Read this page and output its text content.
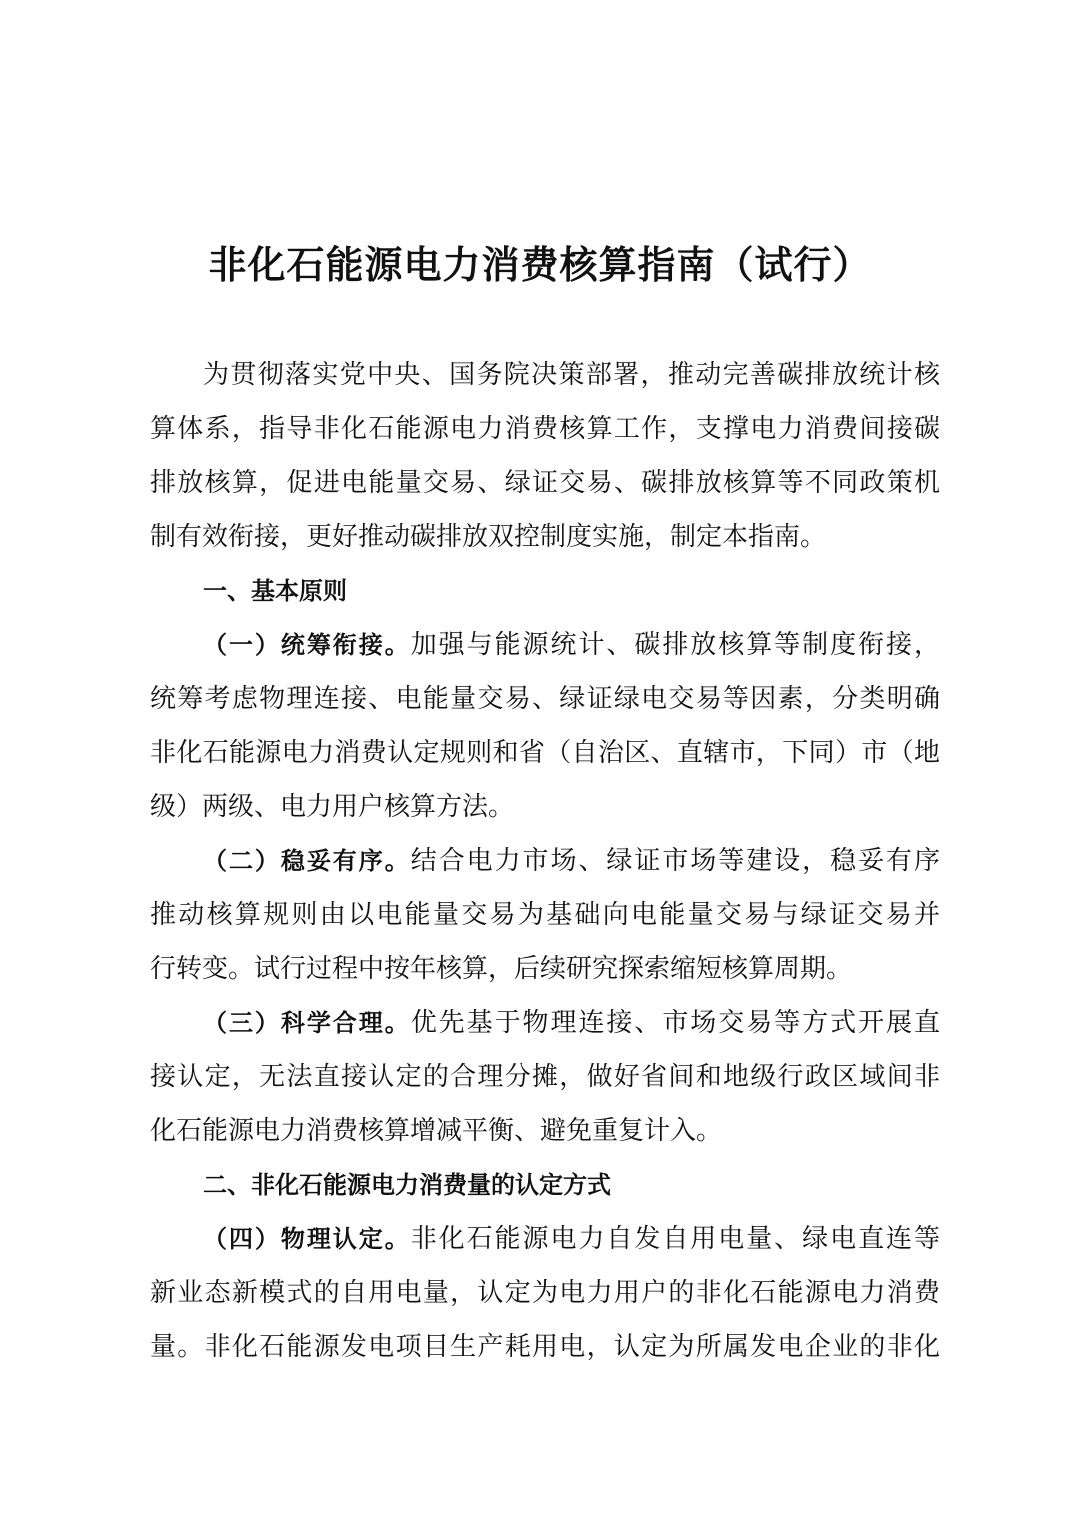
非化石能源电力消费核算指南（试行）
为贯彻落实党中央、国务院决策部署，推动完善碳排放统计核
算体系，指导非化石能源电力消费核算工作，支撑电力消费间接碳
排放核算，促进电能量交易、绿证交易、碳排放核算等不同政策机
制有效衔接，更好推动碳排放双控制度实施，制定本指南。
一、基本原则
（一）统筹衔接。加强与能源统计、碳排放核算等制度衔接，
统筹考虑物理连接、电能量交易、绿证绿电交易等因素，分类明确
非化石能源电力消费认定规则和省（自治区、直辖市，下同）市（地
级）两级、电力用户核算方法。
（二）稳妥有序。结合电力市场、绿证市场等建设，稳妥有序
推动核算规则由以电能量交易为基础向电能量交易与绿证交易并
行转变。试行过程中按年核算，后续研究探索缩短核算周期。
（三）科学合理。优先基于物理连接、市场交易等方式开展直
接认定，无法直接认定的合理分摊，做好省间和地级行政区域间非
化石能源电力消费核算增减平衡、避免重复计入。
二、非化石能源电力消费量的认定方式
（四）物理认定。非化石能源电力自发自用电量、绿电直连等
新业态新模式的自用电量，认定为电力用户的非化石能源电力消费
量。非化石能源发电项目生产耗用电，认定为所属发电企业的非化
